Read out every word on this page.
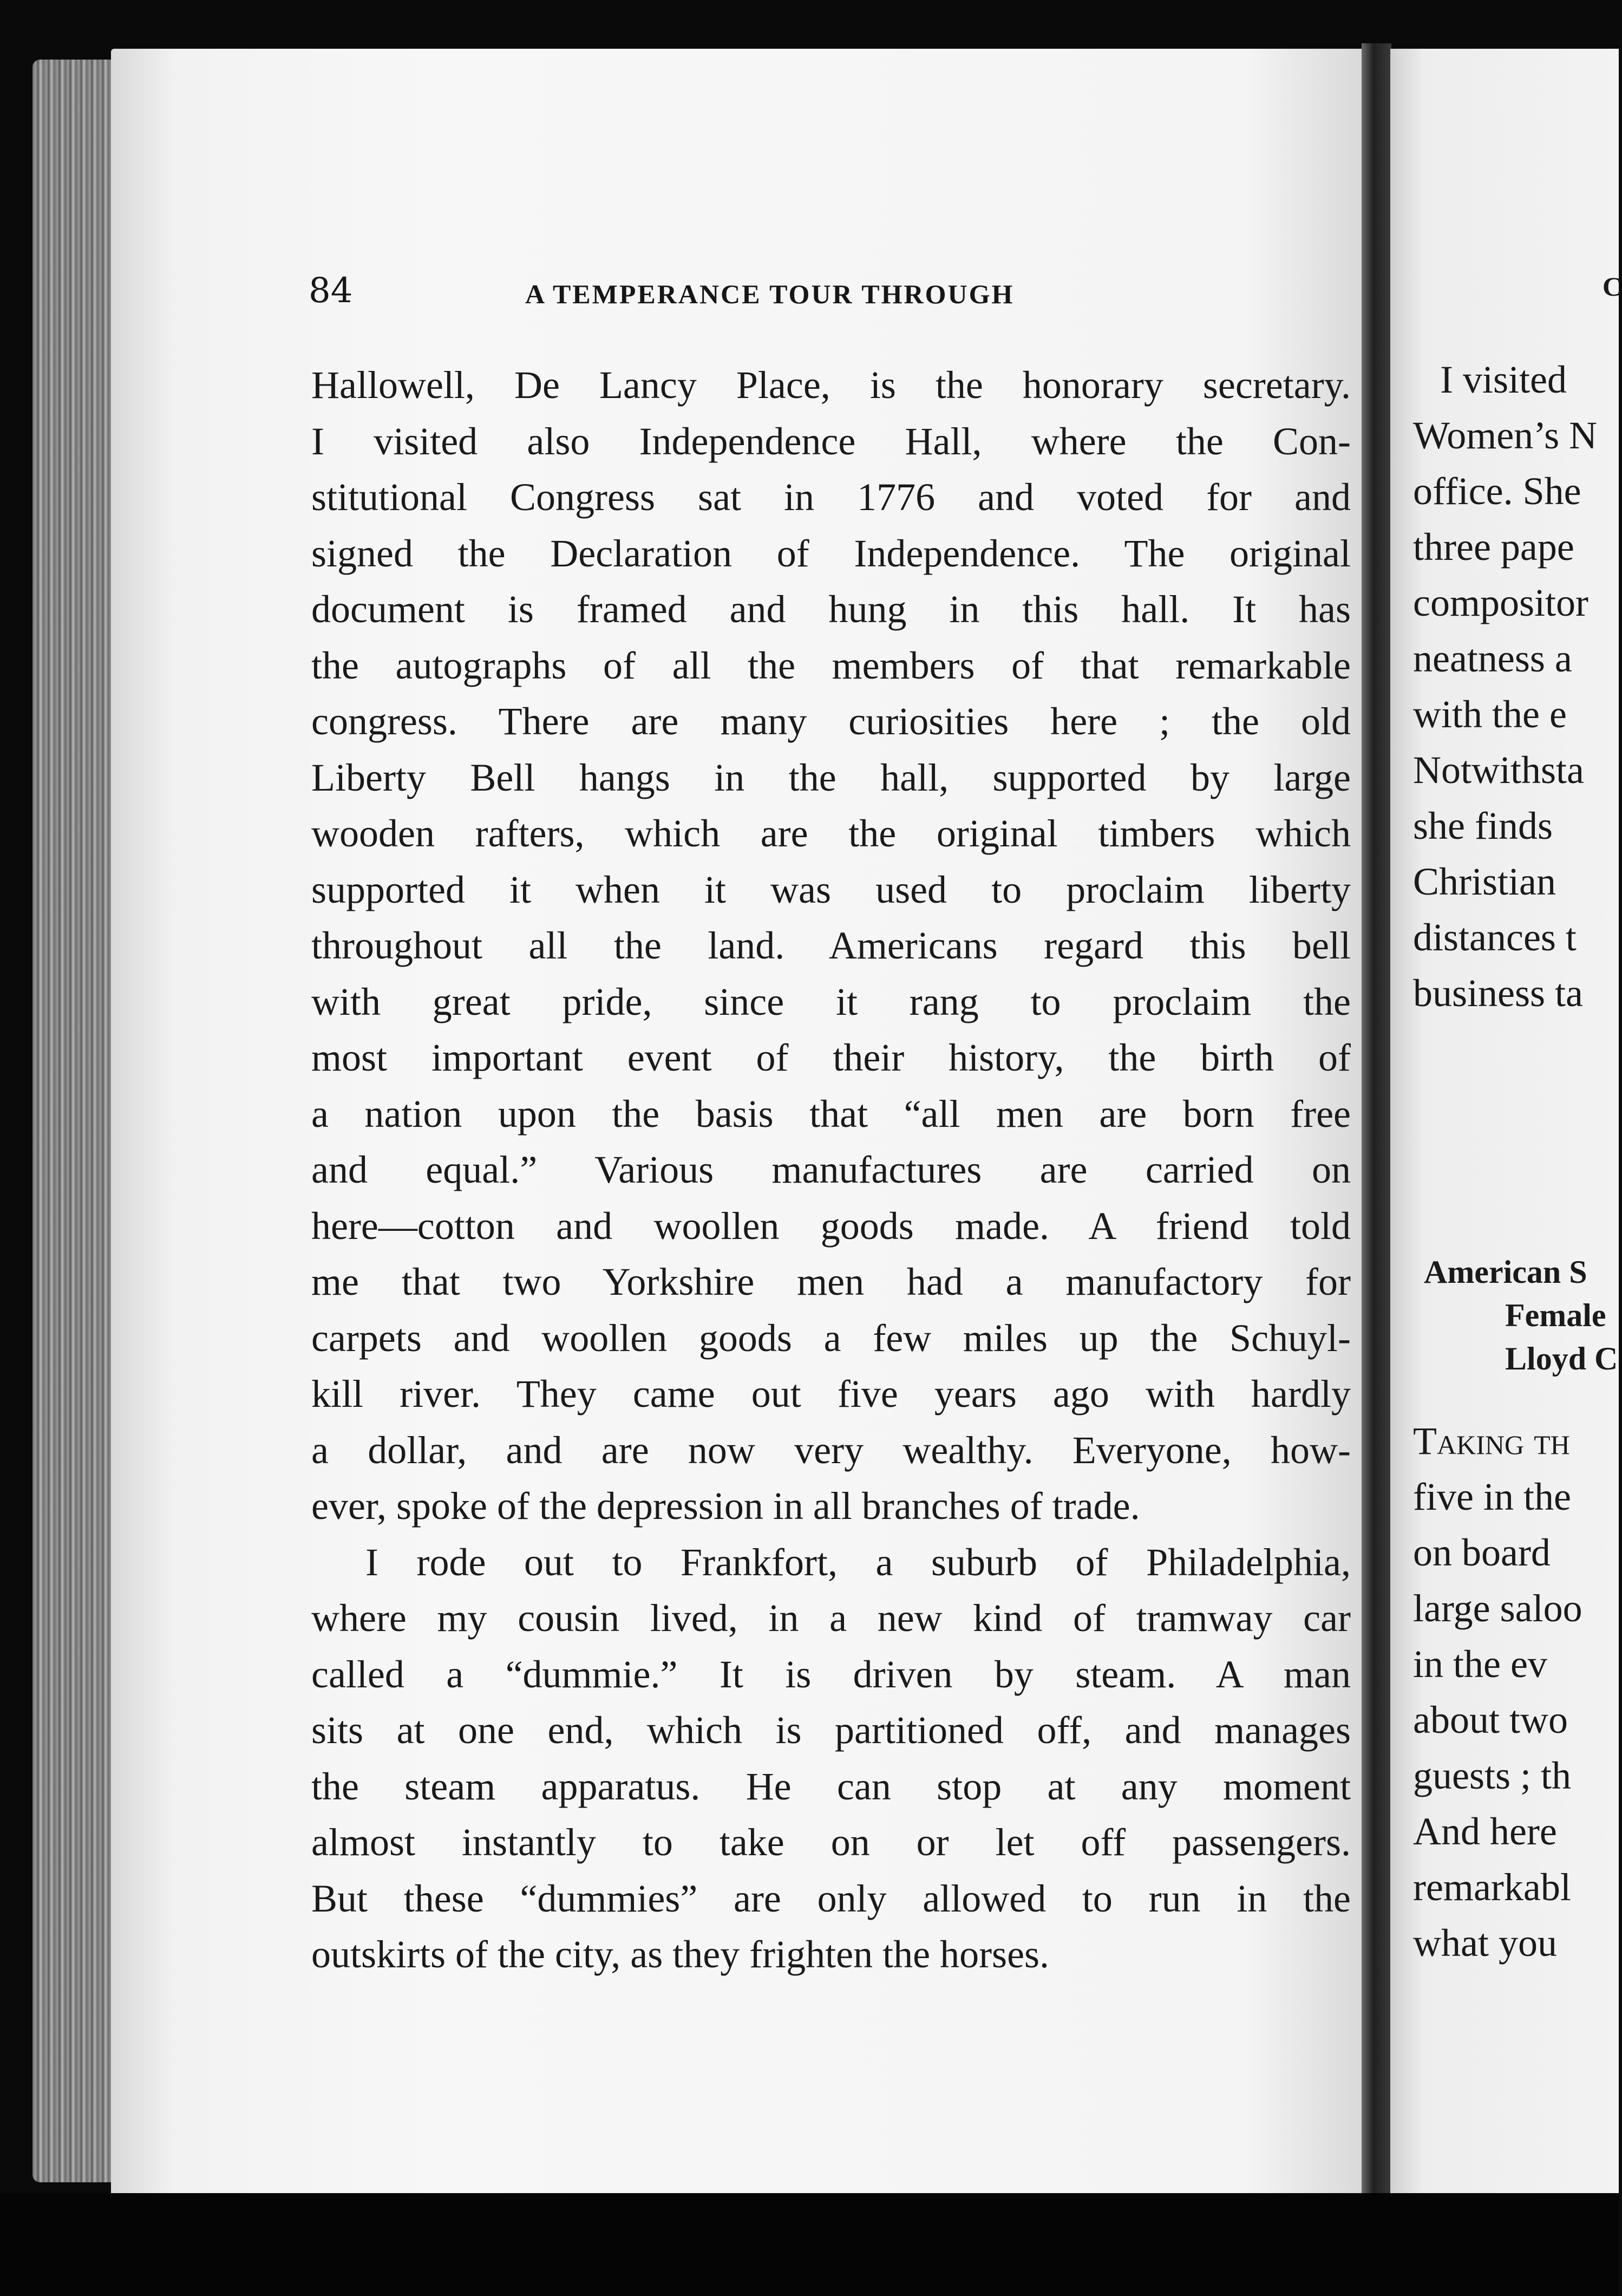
84	A TEMPERANCE TOUR THROUGH
Hallowell, De Lancy Place, is the honorary secretary.
I visited also Independence Hall, where the Con-
stitutional Congress sat in 1776 and voted for and
signed the Declaration of Independence. The original
document is framed and hung in this hall. It has
the autographs of all the members of that remarkable
congress. There are many curiosities here ; the old
Liberty Bell hangs in the hall, supported by large
wooden rafters, which are the original timbers which
supported it when it was used to proclaim liberty
throughout all the land. Americans regard this bell
with great pride, since it rang to proclaim the
most important event of their history, the birth of
a nation upon the basis that “all men are born free
and equal.” Various manufactures are carried on
here—cotton and woollen goods made. A friend told
me that two Yorkshire men had a manufactory for
carpets and woollen goods a few miles up the Schuyl-
kill river. They came out five years ago with hardly
a dollar, and are now very wealthy. Everyone, how-
ever, spoke of the depression in all branches of trade.
I rode out to Frankfort, a suburb of Philadelphia,
where my cousin lived, in a new kind of tramway car
called a “dummie.” It is driven by steam. A man
sits at one end, which is partitioned off, and manages
the steam apparatus. He can stop at any moment
almost instantly to take on or let off passengers.
But these “dummies” are only allowed to run in the
outskirts of the city, as they frighten the horses.
C
I visited
Women’s N
office. She
three pape
compositor
neatness a
with the e
Notwithsta
she finds
Christian
distances t
business ta
American S
Female
Lloyd C
Taking th
five in the
on board
large saloo
in the ev
about two
guests ; th
And here
remarkabl
what you
